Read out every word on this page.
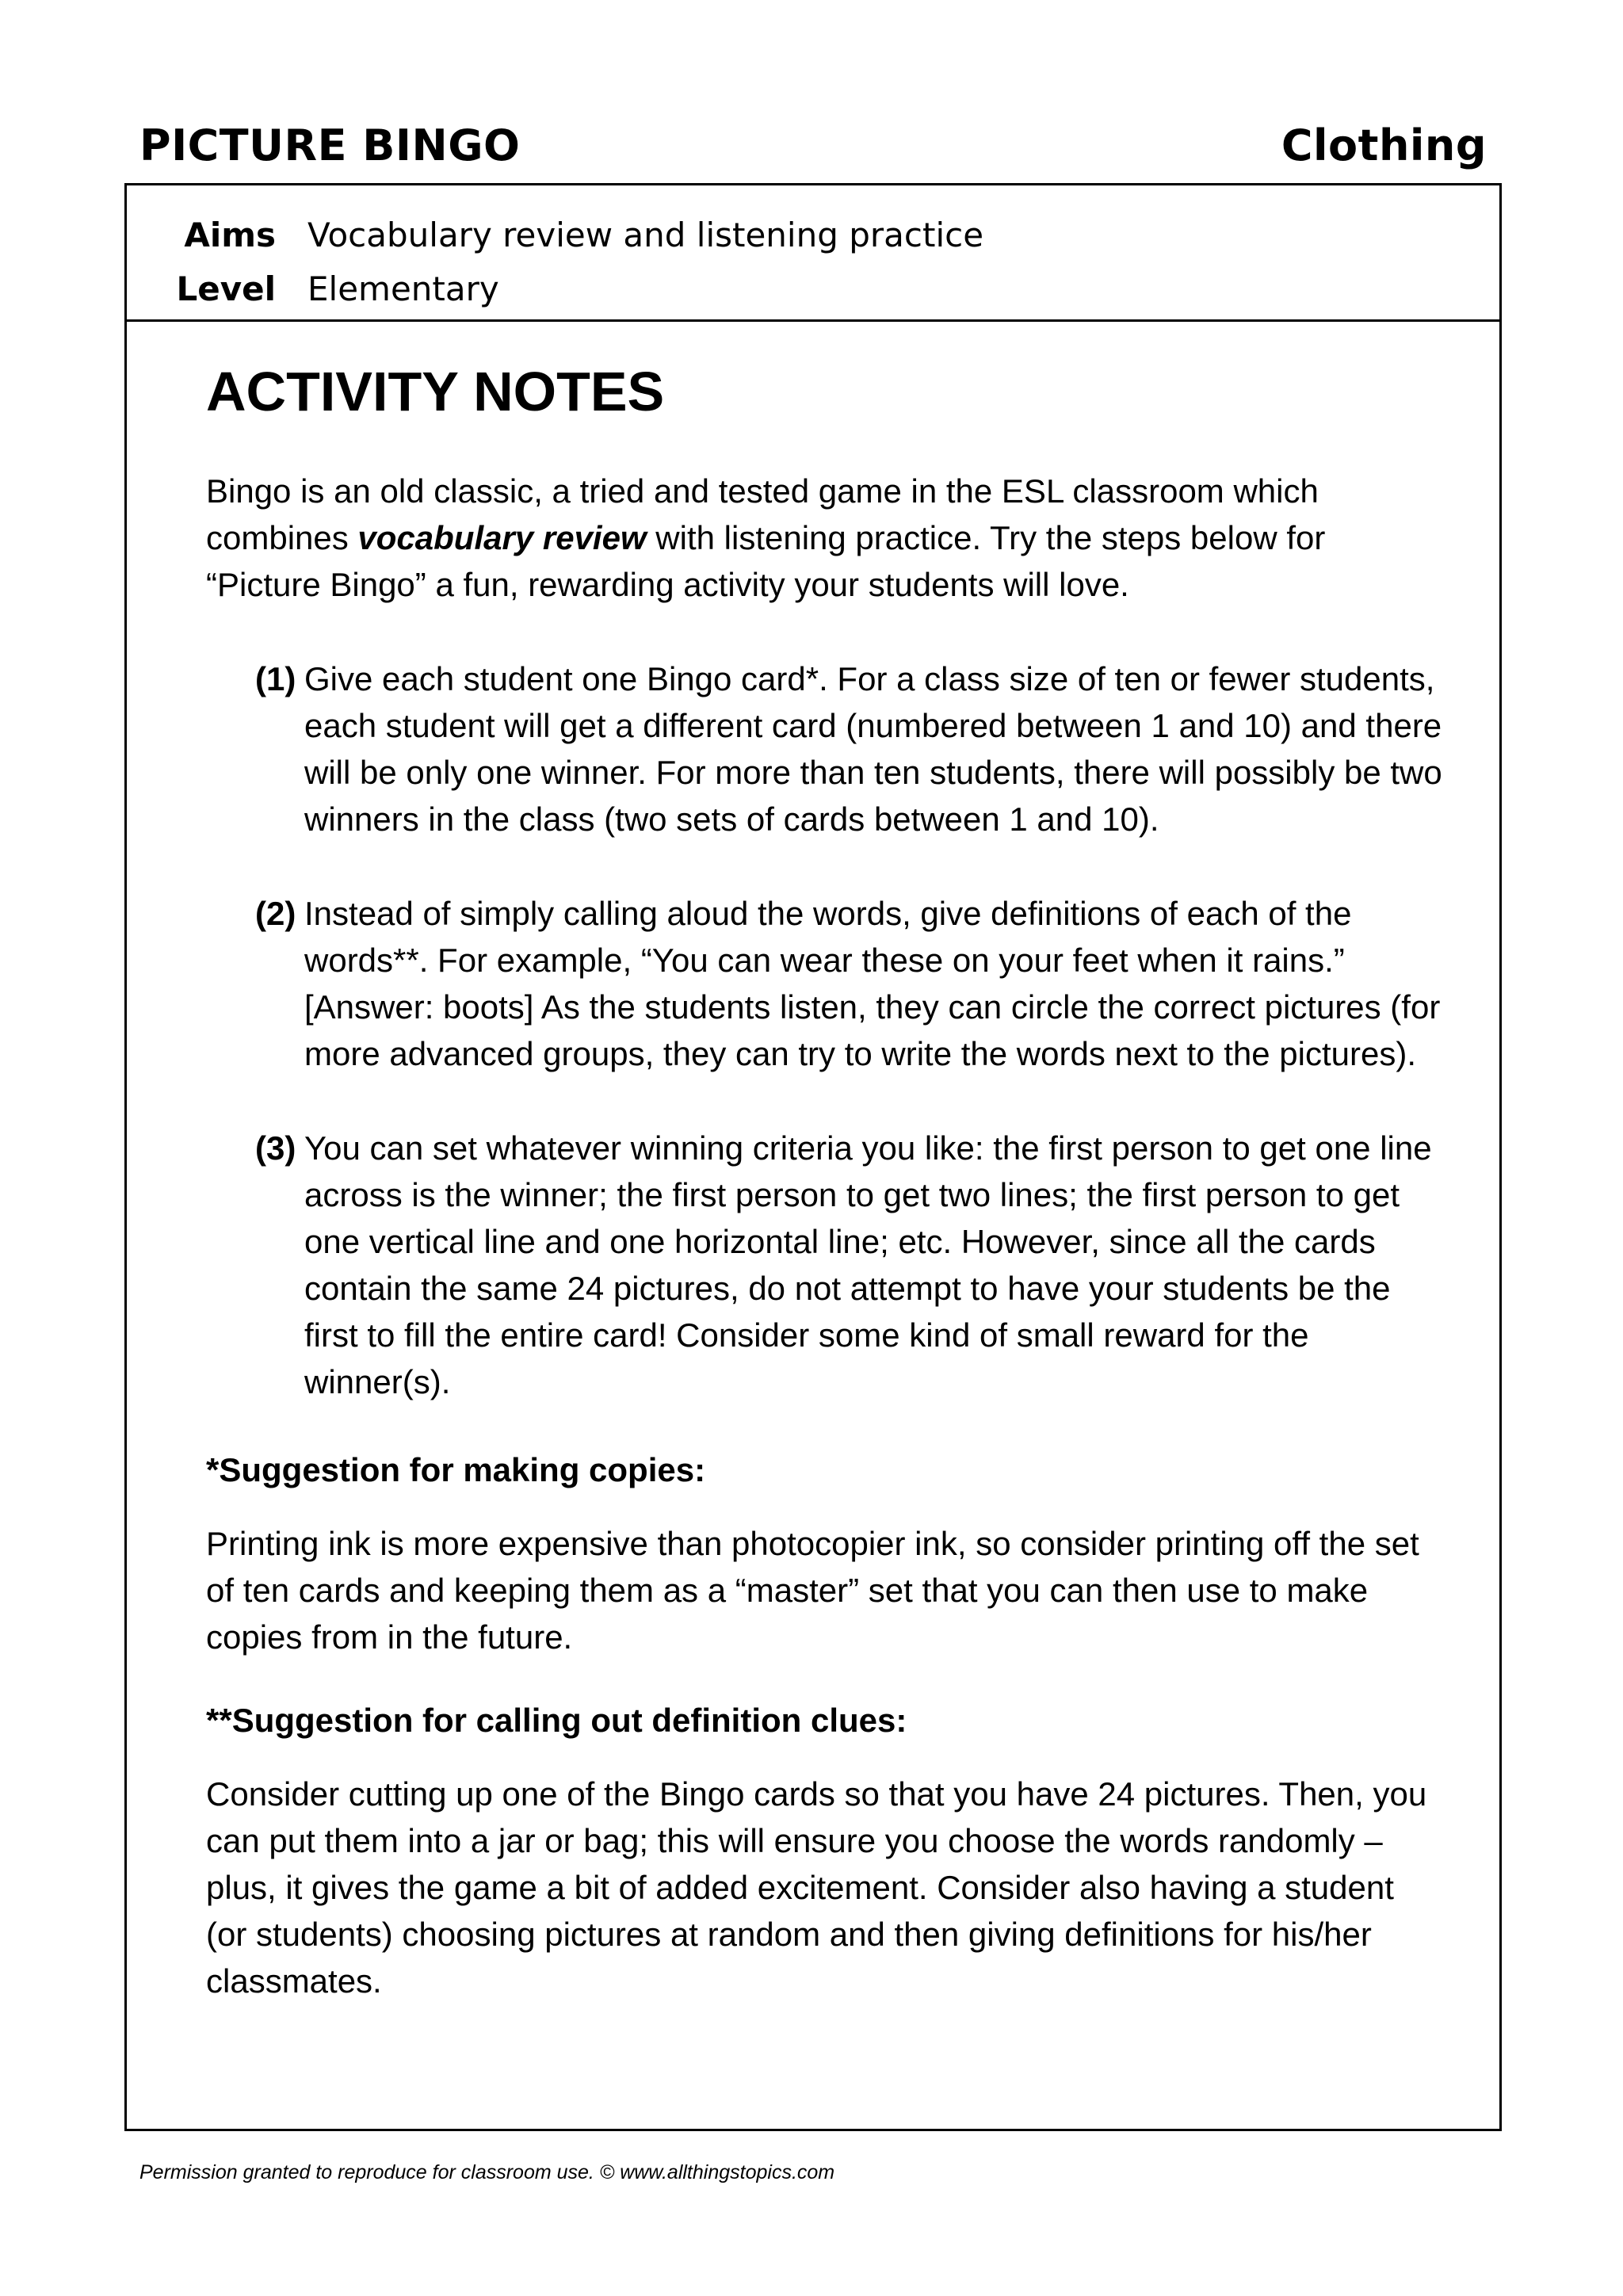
PICTURE BINGO	Clothing
Aims Vocabulary review and listening practice
Level Elementary
ACTIVITY NOTES

Bingo is an old classic, a tried and tested game in the ESL classroom which combines vocabulary review with listening practice. Try the steps below for “Picture Bingo” a fun, rewarding activity your students will love.

(1) Give each student one Bingo card*. For a class size of ten or fewer students, each student will get a different card (numbered between 1 and 10) and there will be only one winner. For more than ten students, there will possibly be two winners in the class (two sets of cards between 1 and 10).
(2) Instead of simply calling aloud the words, give definitions of each of the words**. For example, “You can wear these on your feet when it rains.” [Answer: boots] As the students listen, they can circle the correct pictures (for more advanced groups, they can try to write the words next to the pictures).
(3) You can set whatever winning criteria you like: the first person to get one line across is the winner; the first person to get two lines; the first person to get one vertical line and one horizontal line; etc. However, since all the cards contain the same 24 pictures, do not attempt to have your students be the first to fill the entire card! Consider some kind of small reward for the winner(s).
*Suggestion for making copies:

Printing ink is more expensive than photocopier ink, so consider printing off the set of ten cards and keeping them as a “master” set that you can then use to make copies from in the future.

**Suggestion for calling out definition clues:

Consider cutting up one of the Bingo cards so that you have 24 pictures. Then, you can put them into a jar or bag; this will ensure you choose the words randomly – plus, it gives the game a bit of added excitement. Consider also having a student (or students) choosing pictures at random and then giving definitions for his/her classmates.

Permission granted to reproduce for classroom use. © www.allthingstopics.com
